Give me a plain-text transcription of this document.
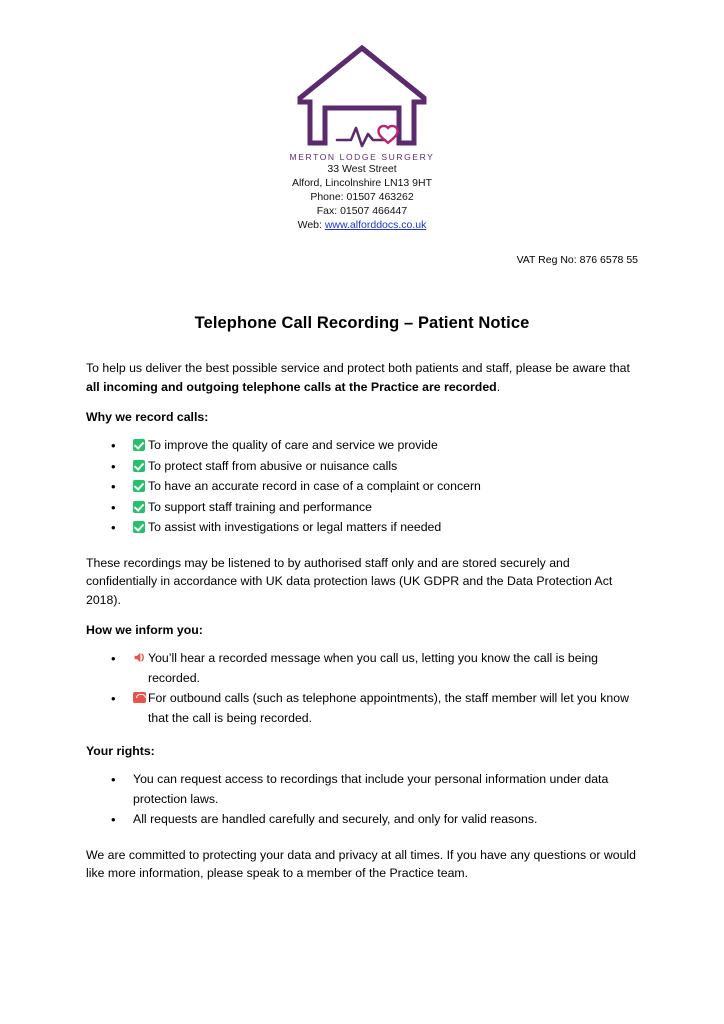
MERTON LODGE SURGERY
33 West Street
Alford, Lincolnshire LN13 9HT
Phone: 01507 463262
Fax: 01507 466447
Web: www.alforddocs.co.uk
VAT Reg No: 876 6578 55
Telephone Call Recording – Patient Notice

To help us deliver the best possible service and protect both patients and staff, please be aware that all incoming and outgoing telephone calls at the Practice are recorded.

Why we record calls:
•	To improve the quality of care and service we provide
•	To protect staff from abusive or nuisance calls
•	To have an accurate record in case of a complaint or concern
•	To support staff training and performance
•	To assist with investigations or legal matters if needed

These recordings may be listened to by authorised staff only and are stored securely and confidentially in accordance with UK data protection laws (UK GDPR and the Data Protection Act 2018).

How we inform you:
•	You’ll hear a recorded message when you call us, letting you know the call is being recorded.
•	For outbound calls (such as telephone appointments), the staff member will let you know that the call is being recorded.
Your rights:
• You can request access to recordings that include your personal information under data protection laws.
• All requests are handled carefully and securely, and only for valid reasons.

We are committed to protecting your data and privacy at all times. If you have any questions or would like more information, please speak to a member of the Practice team.
